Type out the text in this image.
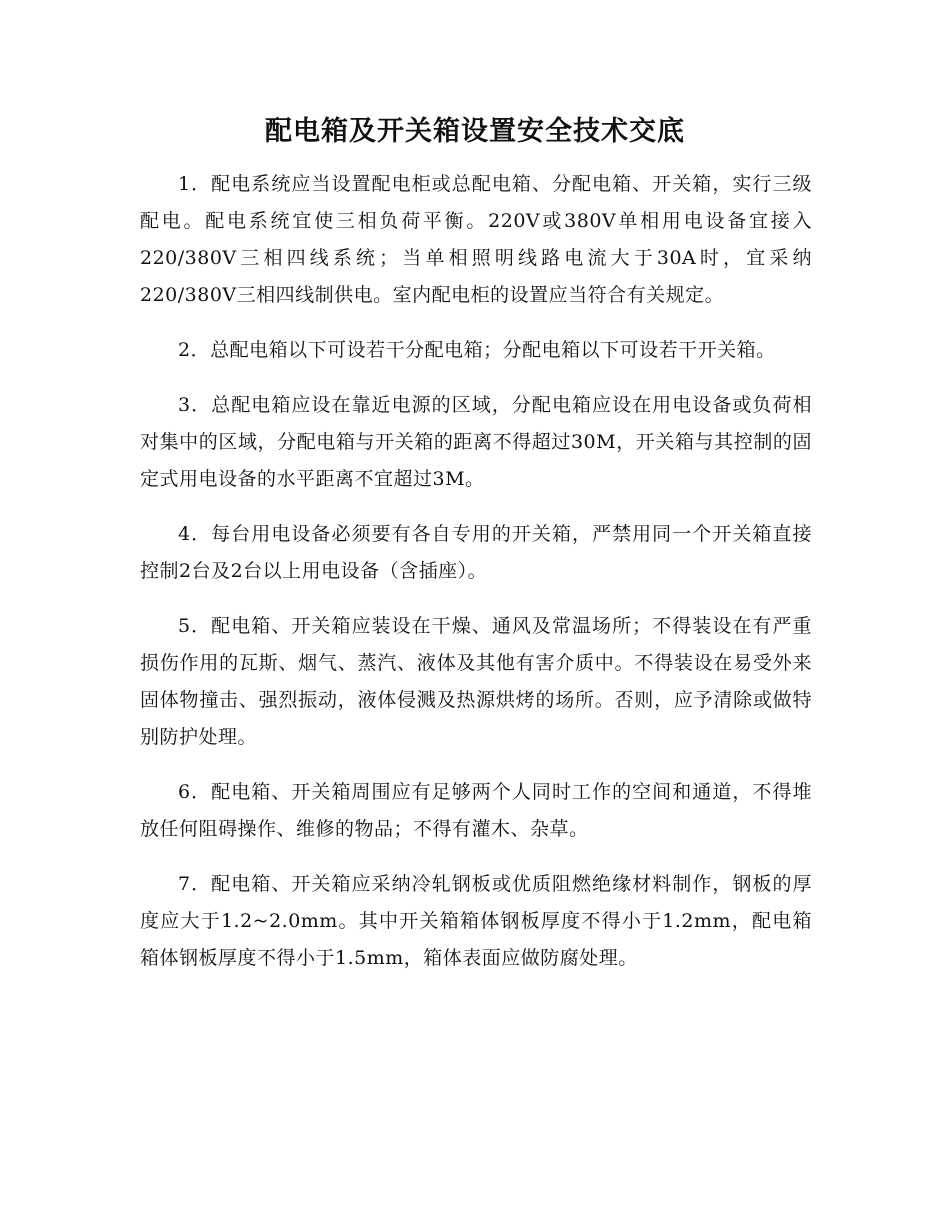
配电箱及开关箱设置安全技术交底

1．配电系统应当设置配电柜或总配电箱、分配电箱、开关箱，实行三级配电。配电系统宜使三相负荷平衡。220V或380V单相用电设备宜接入220/380V三相四线系统；当单相照明线路电流大于30A时，宜采纳220/380V三相四线制供电。室内配电柜的设置应当符合有关规定。

2．总配电箱以下可设若干分配电箱；分配电箱以下可设若干开关箱。

3．总配电箱应设在靠近电源的区域，分配电箱应设在用电设备或负荷相对集中的区域，分配电箱与开关箱的距离不得超过30M，开关箱与其控制的固定式用电设备的水平距离不宜超过3M。

4．每台用电设备必须要有各自专用的开关箱，严禁用同一个开关箱直接控制2台及2台以上用电设备（含插座）。

5．配电箱、开关箱应装设在干燥、通风及常温场所；不得装设在有严重损伤作用的瓦斯、烟气、蒸汽、液体及其他有害介质中。不得装设在易受外来固体物撞击、强烈振动，液体侵溅及热源烘烤的场所。否则，应予清除或做特别防护处理。

6．配电箱、开关箱周围应有足够两个人同时工作的空间和通道，不得堆放任何阻碍操作、维修的物品；不得有灌木、杂草。

7．配电箱、开关箱应采纳冷轧钢板或优质阻燃绝缘材料制作，钢板的厚度应大于1.2~2.0mm。其中开关箱箱体钢板厚度不得小于1.2mm，配电箱箱体钢板厚度不得小于1.5mm，箱体表面应做防腐处理。
